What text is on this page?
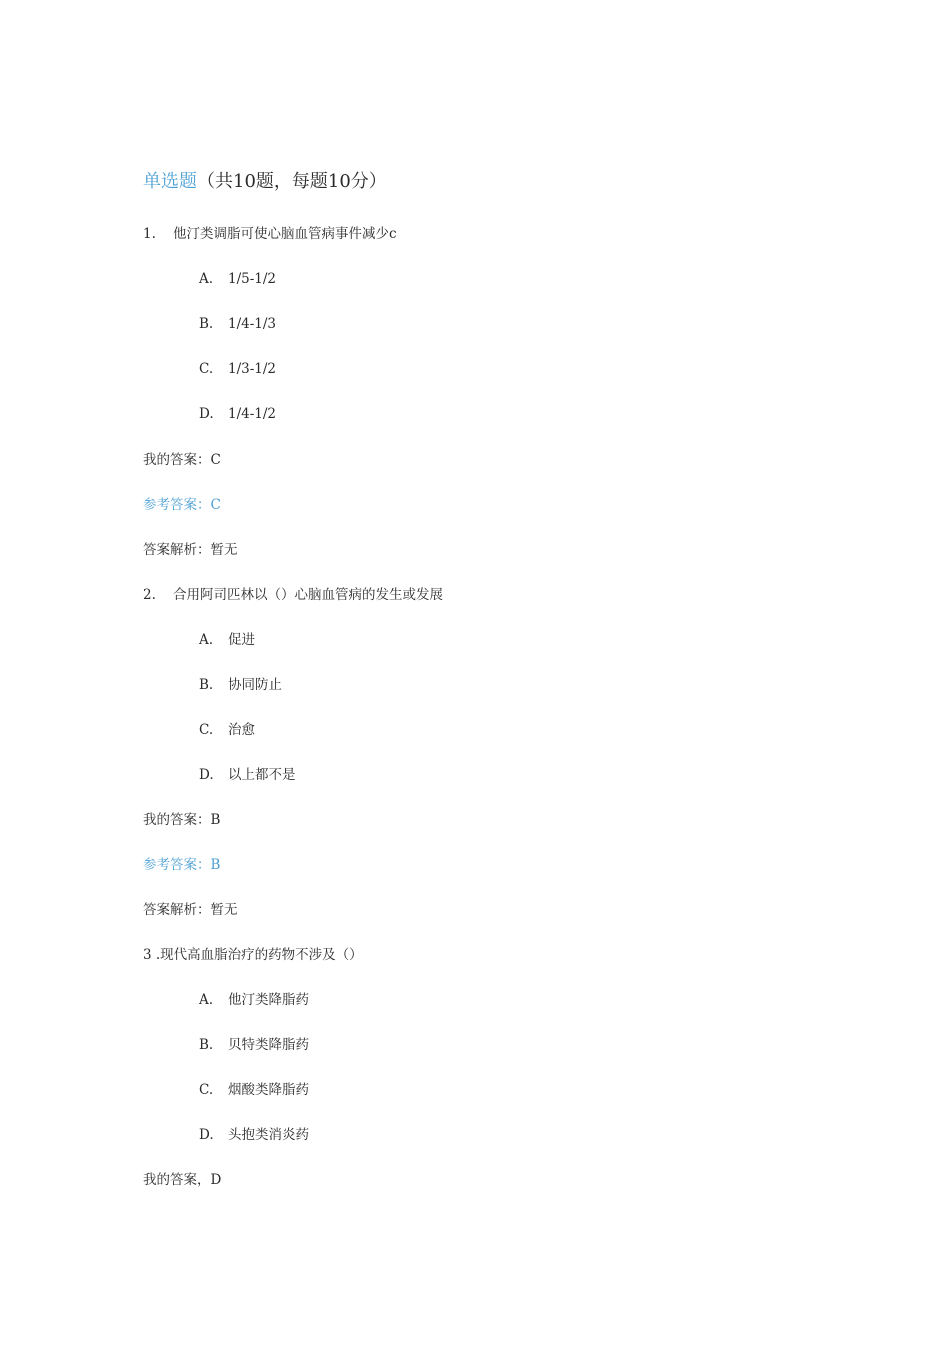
单选题（共10题，每题10分）
1. 他汀类调脂可使心脑血管病事件减少c
A. 1/5-1/2
B. 1/4-1/3
C. 1/3-1/2
D. 1/4-1/2
我的答案：C
参考答案：C
答案解析：暂无
2. 合用阿司匹林以（）心脑血管病的发生或发展
A. 促进
B. 协同防止
C. 治愈
D. 以上都不是
我的答案：B
参考答案：B
答案解析：暂无
3 .现代高血脂治疗的药物不涉及（）
A. 他汀类降脂药
B. 贝特类降脂药
C. 烟酸类降脂药
D. 头抱类消炎药
我的答案，D
